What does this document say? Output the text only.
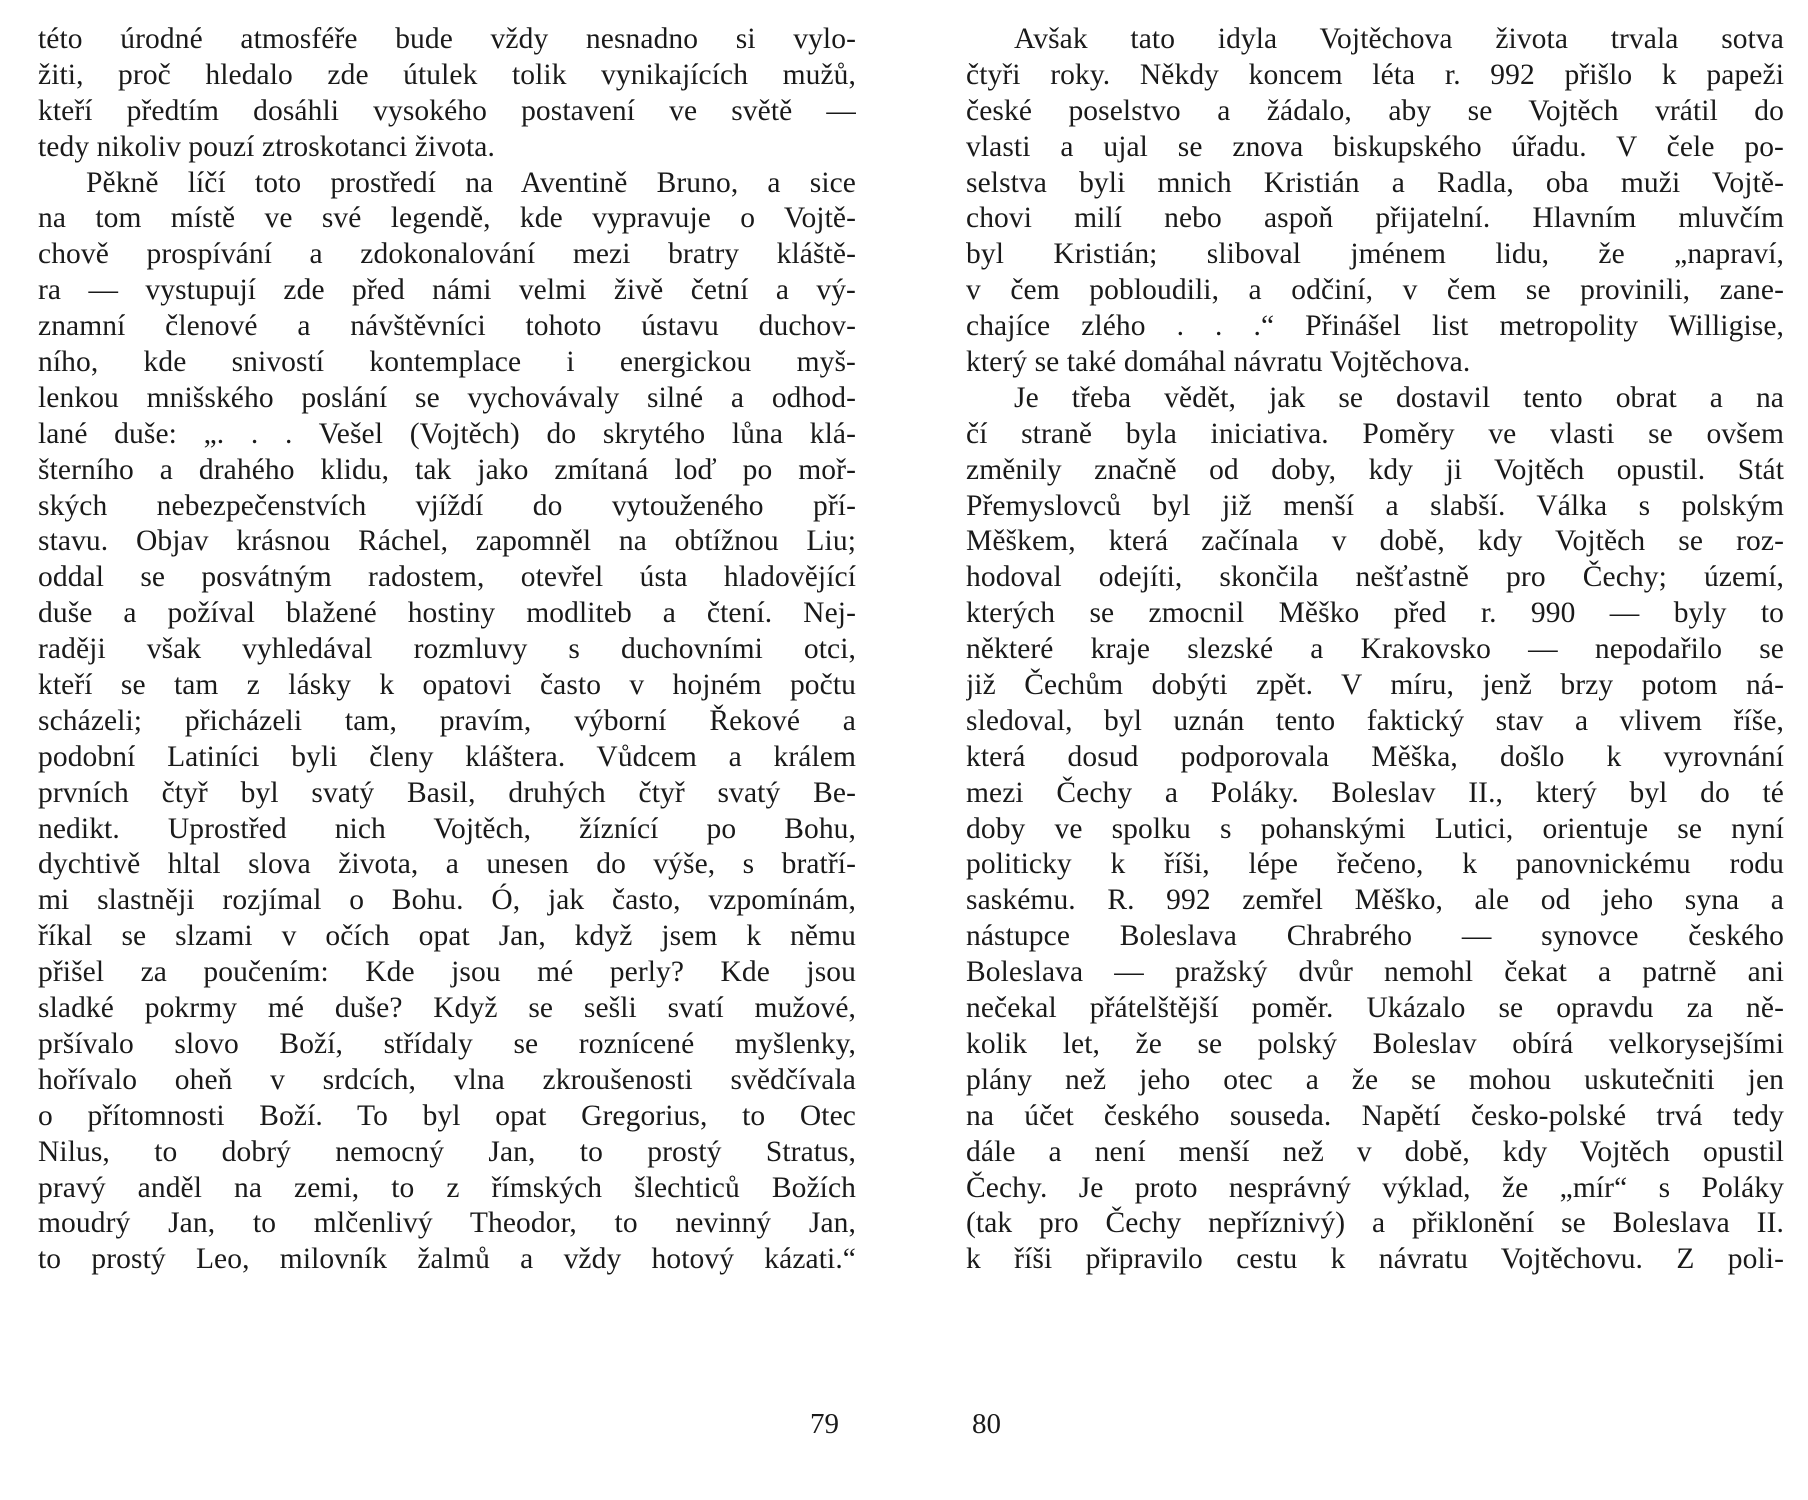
této úrodné atmosféře bude vždy nesnadno si vylo-
žiti, proč hledalo zde útulek tolik vynikajících mužů,
kteří předtím dosáhli vysokého postavení ve světě —
tedy nikoliv pouzí ztroskotanci života.
Pěkně líčí toto prostředí na Aventině Bruno, a sice
na tom místě ve své legendě, kde vypravuje o Vojtě-
chově prospívání a zdokonalování mezi bratry kláště-
ra — vystupují zde před námi velmi živě četní a vý-
znamní členové a návštěvníci tohoto ústavu duchov-
ního, kde snivostí kontemplace i energickou myš-
lenkou mnišského poslání se vychovávaly silné a odhod-
lané duše: „. . . Vešel (Vojtěch) do skrytého lůna klá-
šterního a drahého klidu, tak jako zmítaná loď po moř-
ských nebezpečenstvích vjíždí do vytouženého pří-
stavu. Objav krásnou Ráchel, zapomněl na obtížnou Liu;
oddal se posvátným radostem, otevřel ústa hladovějící
duše a požíval blažené hostiny modliteb a čtení. Nej-
raději však vyhledával rozmluvy s duchovními otci,
kteří se tam z lásky k opatovi často v hojném počtu
scházeli; přicházeli tam, pravím, výborní Řekové a
podobní Latiníci byli členy kláštera. Vůdcem a králem
prvních čtyř byl svatý Basil, druhých čtyř svatý Be-
nedikt. Uprostřed nich Vojtěch, žíznící po Bohu,
dychtivě hltal slova života, a unesen do výše, s bratří-
mi slastněji rozjímal o Bohu. Ó, jak často, vzpomínám,
říkal se slzami v očích opat Jan, když jsem k němu
přišel za poučením: Kde jsou mé perly? Kde jsou
sladké pokrmy mé duše? Když se sešli svatí mužové,
pršívalo slovo Boží, střídaly se roznícené myšlenky,
hořívalo oheň v srdcích, vlna zkroušenosti svědčívala
o přítomnosti Boží. To byl opat Gregorius, to Otec
Nilus, to dobrý nemocný Jan, to prostý Stratus,
pravý anděl na zemi, to z římských šlechticů Božích
moudrý Jan, to mlčenlivý Theodor, to nevinný Jan,
to prostý Leo, milovník žalmů a vždy hotový kázati.“
79
Avšak tato idyla Vojtěchova života trvala sotva
čtyři roky. Někdy koncem léta r. 992 přišlo k papeži
české poselstvo a žádalo, aby se Vojtěch vrátil do
vlasti a ujal se znova biskupského úřadu. V čele po-
selstva byli mnich Kristián a Radla, oba muži Vojtě-
chovi milí nebo aspoň přijatelní. Hlavním mluvčím
byl Kristián; sliboval jménem lidu, že „napraví,
v čem pobloudili, a odčiní, v čem se provinili, zane-
chajíce zlého . . .“ Přinášel list metropolity Willigise,
který se také domáhal návratu Vojtěchova.
Je třeba vědět, jak se dostavil tento obrat a na
čí straně byla iniciativa. Poměry ve vlasti se ovšem
změnily značně od doby, kdy ji Vojtěch opustil. Stát
Přemyslovců byl již menší a slabší. Válka s polským
Měškem, která začínala v době, kdy Vojtěch se roz-
hodoval odejíti, skončila nešťastně pro Čechy; území,
kterých se zmocnil Měško před r. 990 — byly to
některé kraje slezské a Krakovsko — nepodařilo se
již Čechům dobýti zpět. V míru, jenž brzy potom ná-
sledoval, byl uznán tento faktický stav a vlivem říše,
která dosud podporovala Měška, došlo k vyrovnání
mezi Čechy a Poláky. Boleslav II., který byl do té
doby ve spolku s pohanskými Lutici, orientuje se nyní
politicky k říši, lépe řečeno, k panovnickému rodu
saskému. R. 992 zemřel Měško, ale od jeho syna a
nástupce Boleslava Chrabrého — synovce českého
Boleslava — pražský dvůr nemohl čekat a patrně ani
nečekal přátelštější poměr. Ukázalo se opravdu za ně-
kolik let, že se polský Boleslav obírá velkorysejšími
plány než jeho otec a že se mohou uskutečniti jen
na účet českého souseda. Napětí česko-polské trvá tedy
dále a není menší než v době, kdy Vojtěch opustil
Čechy. Je proto nesprávný výklad, že „mír“ s Poláky
(tak pro Čechy nepříznivý) a přiklonění se Boleslava II.
k říši připravilo cestu k návratu Vojtěchovu. Z poli-
80
